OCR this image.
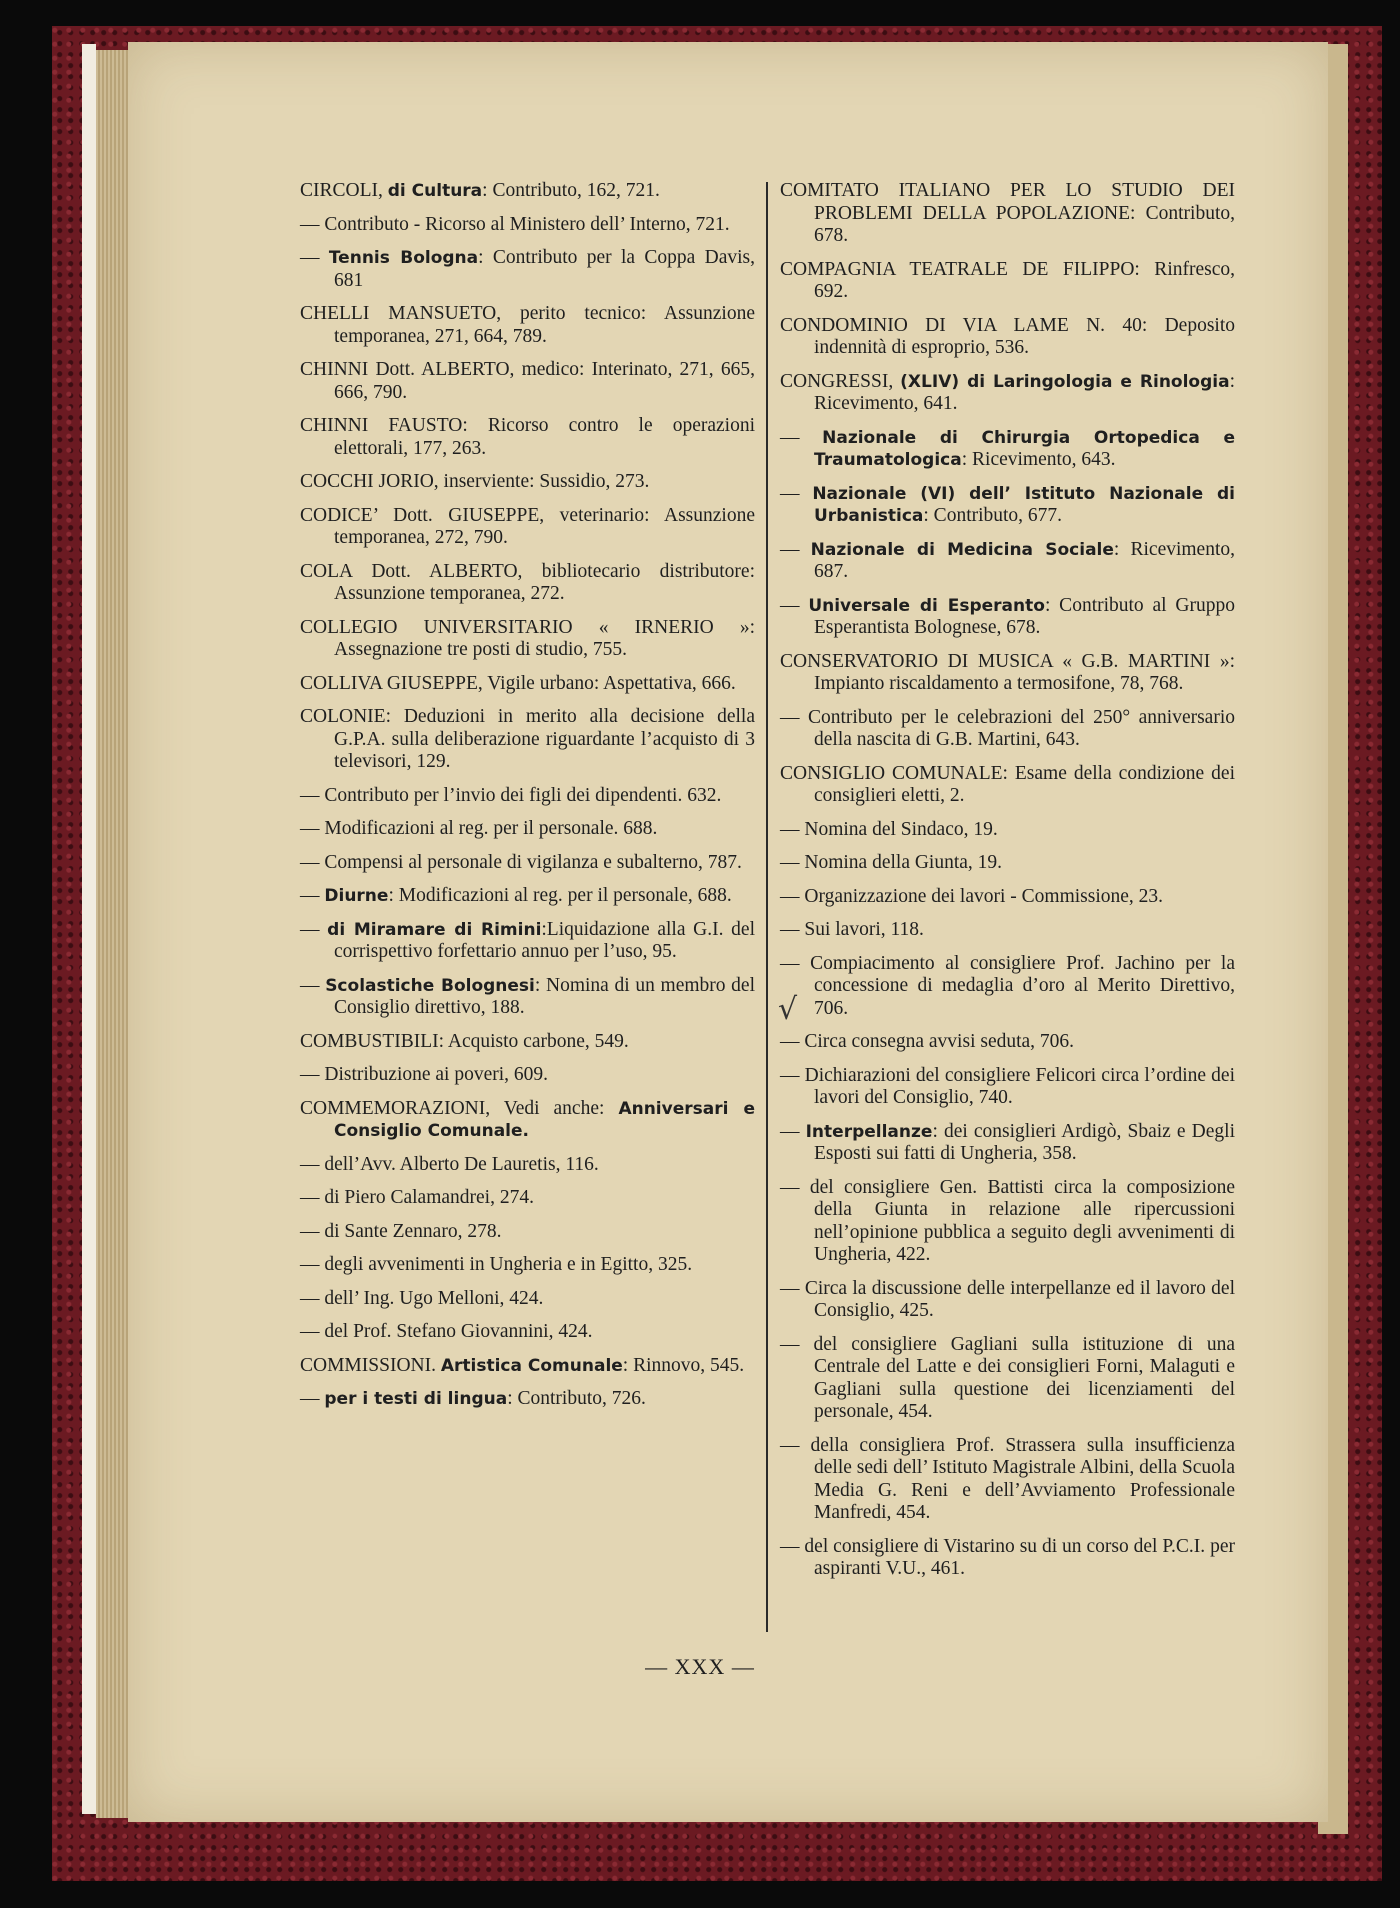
CIRCOLI, di Cultura: Contributo, 162, 721.
— Contributo - Ricorso al Ministero dell’ Interno, 721.
— Tennis Bologna: Contributo per la Coppa Davis, 681
CHELLI MANSUETO, perito tecnico: Assunzione temporanea, 271, 664, 789.
CHINNI Dott. ALBERTO, medico: Interinato, 271, 665, 666, 790.
CHINNI FAUSTO: Ricorso contro le operazioni elettorali, 177, 263.
COCCHI JORIO, inserviente: Sussidio, 273.
CODICE’ Dott. GIUSEPPE, veterinario: Assunzione temporanea, 272, 790.
COLA Dott. ALBERTO, bibliotecario distributore: Assunzione temporanea, 272.
COLLEGIO UNIVERSITARIO « IRNERIO »: Assegnazione tre posti di studio, 755.
COLLIVA GIUSEPPE, Vigile urbano: Aspettativa, 666.
COLONIE: Deduzioni in merito alla decisione della G.P.A. sulla deliberazione riguardante l’acquisto di 3 televisori, 129.
— Contributo per l’invio dei figli dei dipendenti. 632.
— Modificazioni al reg. per il personale. 688.
— Compensi al personale di vigilanza e subalterno, 787.
— Diurne: Modificazioni al reg. per il personale, 688.
— di Miramare di Rimini:Liquidazione alla G.I. del corrispettivo forfettario annuo per l’uso, 95.
— Scolastiche Bolognesi: Nomina di un membro del Consiglio direttivo, 188.
COMBUSTIBILI: Acquisto carbone, 549.
— Distribuzione ai poveri, 609.
COMMEMORAZIONI, Vedi anche: Anniversari e Consiglio Comunale.
— dell’Avv. Alberto De Lauretis, 116.
— di Piero Calamandrei, 274.
— di Sante Zennaro, 278.
— degli avvenimenti in Ungheria e in Egitto, 325.
— dell’ Ing. Ugo Melloni, 424.
— del Prof. Stefano Giovannini, 424.
COMMISSIONI. Artistica Comunale: Rinnovo, 545.
— per i testi di lingua: Contributo, 726.
COMITATO ITALIANO PER LO STUDIO DEI PROBLEMI DELLA POPOLAZIONE: Contributo, 678.
COMPAGNIA TEATRALE DE FILIPPO: Rinfresco, 692.
CONDOMINIO DI VIA LAME N. 40: Deposito indennità di esproprio, 536.
CONGRESSI, (XLIV) di Laringologia e Rinologia: Ricevimento, 641.
— Nazionale di Chirurgia Ortopedica e Traumatologica: Ricevimento, 643.
— Nazionale (VI) dell’ Istituto Nazionale di Urbanistica: Contributo, 677.
— Nazionale di Medicina Sociale: Ricevimento, 687.
— Universale di Esperanto: Contributo al Gruppo Esperantista Bolognese, 678.
CONSERVATORIO DI MUSICA « G.B. MARTINI »: Impianto riscaldamento a termosifone, 78, 768.
— Contributo per le celebrazioni del 250° anniversario della nascita di G.B. Martini, 643.
CONSIGLIO COMUNALE: Esame della condizione dei consiglieri eletti, 2.
— Nomina del Sindaco, 19.
— Nomina della Giunta, 19.
— Organizzazione dei lavori - Commissione, 23.
— Sui lavori, 118.
— Compiacimento al consigliere Prof. Jachino per la concessione di medaglia d’oro al Merito Direttivo, 706.
— Circa consegna avvisi seduta, 706.
— Dichiarazioni del consigliere Felicori circa l’ordine dei lavori del Consiglio, 740.
— Interpellanze: dei consiglieri Ardigò, Sbaiz e Degli Esposti sui fatti di Ungheria, 358.
— del consigliere Gen. Battisti circa la composizione della Giunta in relazione alle ripercussioni nell’opinione pubblica a seguito degli avvenimenti di Ungheria, 422.
— Circa la discussione delle interpellanze ed il lavoro del Consiglio, 425.
— del consigliere Gagliani sulla istituzione di una Centrale del Latte e dei consiglieri Forni, Malaguti e Gagliani sulla questione dei licenziamenti del personale, 454.
— della consigliera Prof. Strassera sulla insufficienza delle sedi dell’ Istituto Magistrale Albini, della Scuola Media G. Reni e dell’Avviamento Professionale Manfredi, 454.
— del consigliere di Vistarino su di un corso del P.C.I. per aspiranti V.U., 461.
√
— XXX —
